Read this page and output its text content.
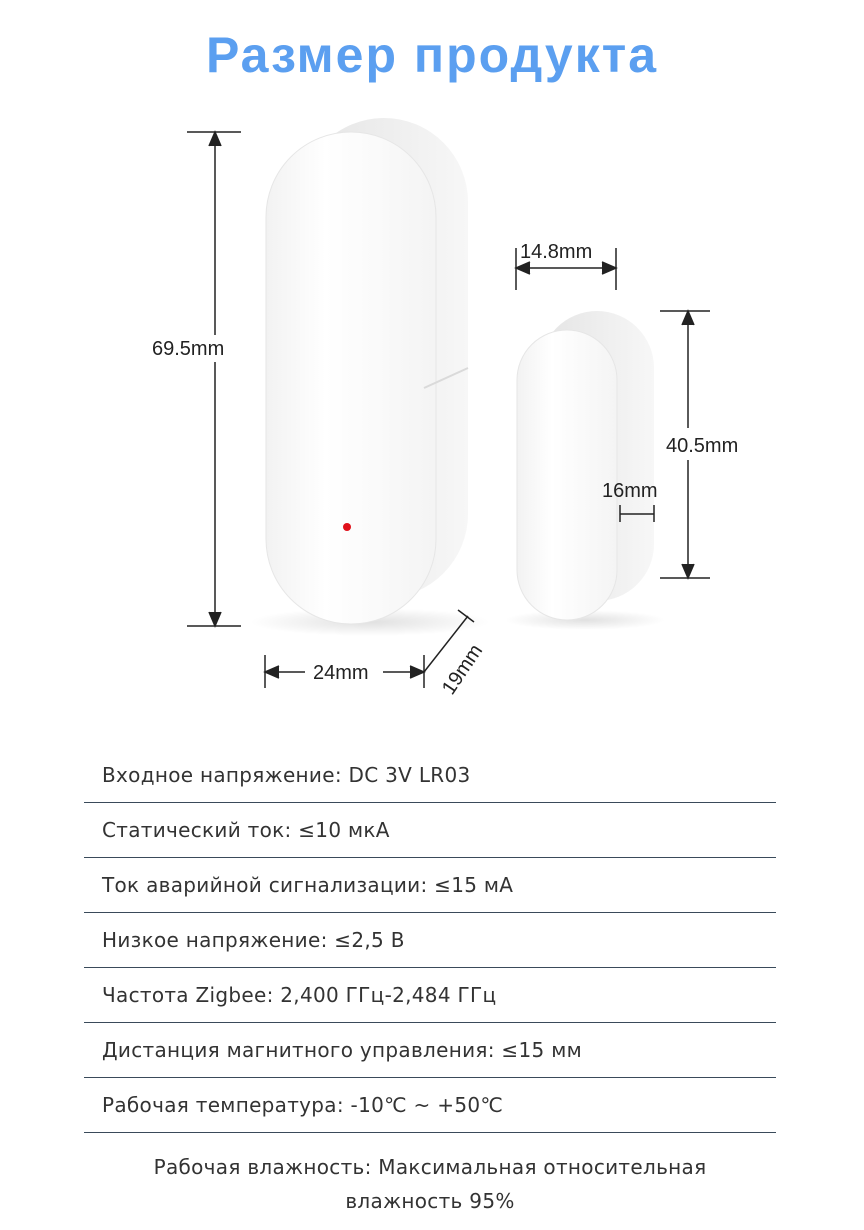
Размер продукта
69.5mm
24mm	19mm
14.8mm
40.5mm
16mm
Входное напряжение: DC 3V LR03
Статический ток: ≤10 мкА
Ток аварийной сигнализации: ≤15 мА
Низкое напряжение: ≤2,5 В
Частота Zigbee: 2,400 ГГц-2,484 ГГц
Дистанция магнитного управления: ≤15 мм
Рабочая температура: -10℃ ~ +50℃
Рабочая влажность: Максимальная относительная
влажность 95%
